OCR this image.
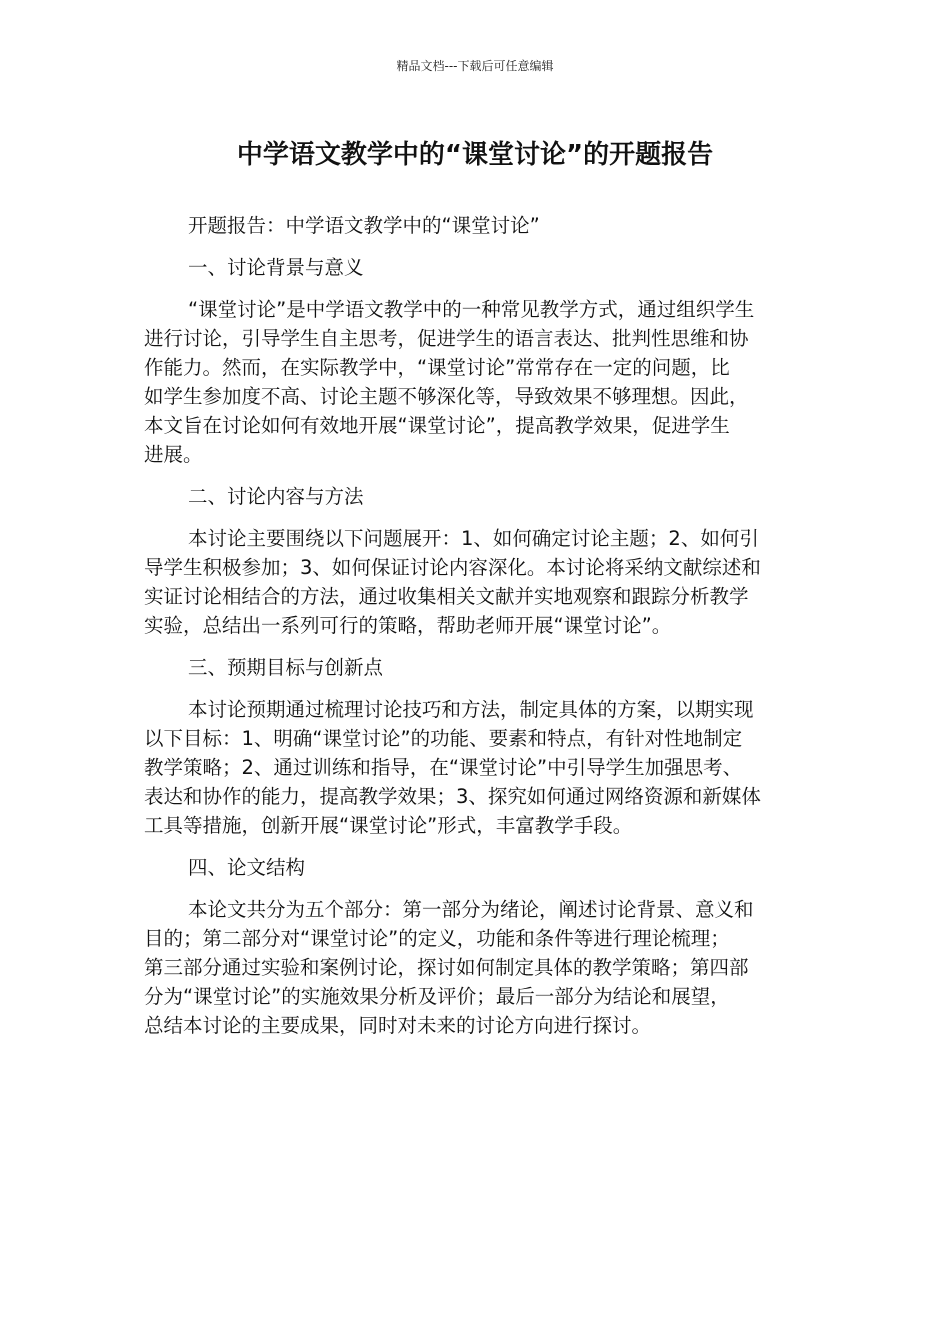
精品文档---下载后可任意编辑
中学语文教学中的“课堂讨论”的开题报告

开题报告：中学语文教学中的“课堂讨论”

一、讨论背景与意义

“课堂讨论”是中学语文教学中的一种常见教学方式，通过组织学生

进行讨论，引导学生自主思考，促进学生的语言表达、批判性思维和协

作能力。然而，在实际教学中，“课堂讨论”常常存在一定的问题，比

如学生参加度不高、讨论主题不够深化等，导致效果不够理想。因此，

本文旨在讨论如何有效地开展“课堂讨论”，提高教学效果，促进学生

进展。

二、讨论内容与方法

本讨论主要围绕以下问题展开：1、如何确定讨论主题；2、如何引

导学生积极参加；3、如何保证讨论内容深化。本讨论将采纳文献综述和

实证讨论相结合的方法，通过收集相关文献并实地观察和跟踪分析教学

实验，总结出一系列可行的策略，帮助老师开展“课堂讨论”。

三、预期目标与创新点

本讨论预期通过梳理讨论技巧和方法，制定具体的方案，以期实现

以下目标：1、明确“课堂讨论”的功能、要素和特点，有针对性地制定

教学策略；2、通过训练和指导，在“课堂讨论”中引导学生加强思考、

表达和协作的能力，提高教学效果；3、探究如何通过网络资源和新媒体

工具等措施，创新开展“课堂讨论”形式，丰富教学手段。

四、论文结构

本论文共分为五个部分：第一部分为绪论，阐述讨论背景、意义和

目的；第二部分对“课堂讨论”的定义，功能和条件等进行理论梳理；

第三部分通过实验和案例讨论，探讨如何制定具体的教学策略；第四部

分为“课堂讨论”的实施效果分析及评价；最后一部分为结论和展望，

总结本讨论的主要成果，同时对未来的讨论方向进行探讨。
